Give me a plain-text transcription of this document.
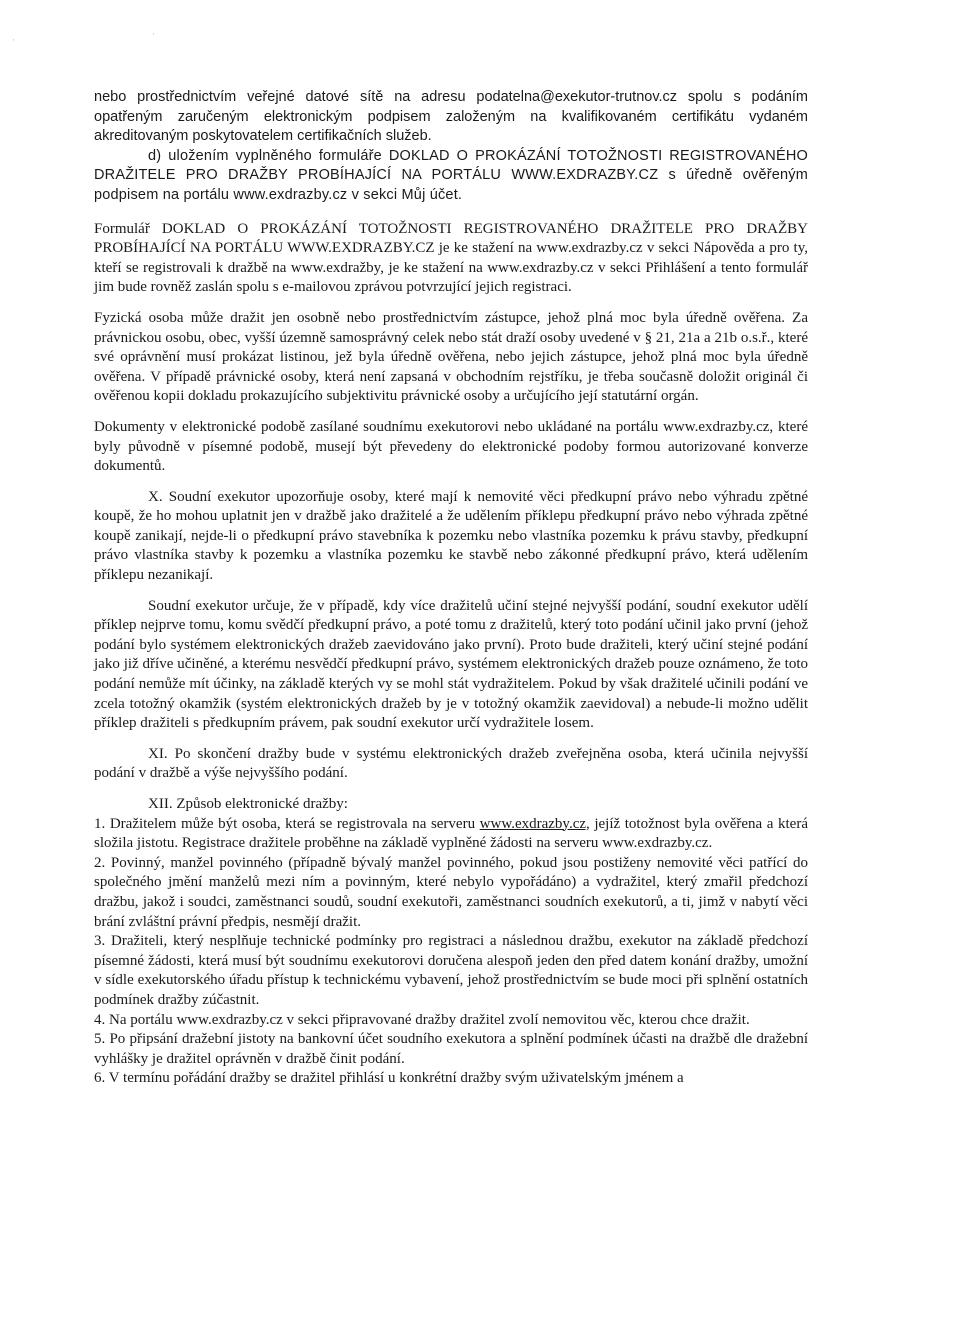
·
·

nebo prostřednictvím veřejné datové sítě na adresu podatelna@exekutor-trutnov.cz spolu s podáním opatřeným zaručeným elektronickým podpisem založeným na kvalifikovaném certifikátu vydaném akreditovaným poskytovatelem certifikačních služeb.

d) uložením vyplněného formuláře DOKLAD O PROKÁZÁNÍ TOTOŽNOSTI REGISTROVANÉHO DRAŽITELE PRO DRAŽBY PROBÍHAJÍCÍ NA PORTÁLU WWW.EXDRAZBY.CZ s úředně ověřeným podpisem na portálu www.exdrazby.cz v sekci Můj účet.

Formulář DOKLAD O PROKÁZÁNÍ TOTOŽNOSTI REGISTROVANÉHO DRAŽITELE PRO DRAŽBY PROBÍHAJÍCÍ NA PORTÁLU WWW.EXDRAZBY.CZ je ke stažení na www.exdrazby.cz v sekci Nápověda a pro ty, kteří se registrovali k dražbě na www.exdražby, je ke stažení na www.exdrazby.cz v sekci Přihlášení a tento formulář jim bude rovněž zaslán spolu s e-mailovou zprávou potvrzující jejich registraci.

Fyzická osoba může dražit jen osobně nebo prostřednictvím zástupce, jehož plná moc byla úředně ověřena. Za právnickou osobu, obec, vyšší územně samosprávný celek nebo stát draží osoby uvedené v § 21, 21a a 21b o.s.ř., které své oprávnění musí prokázat listinou, jež byla úředně ověřena, nebo jejich zástupce, jehož plná moc byla úředně ověřena. V případě právnické osoby, která není zapsaná v obchodním rejstříku, je třeba současně doložit originál či ověřenou kopii dokladu prokazujícího subjektivitu právnické osoby a určujícího její statutární orgán.

Dokumenty v elektronické podobě zasílané soudnímu exekutorovi nebo ukládané na portálu www.exdrazby.cz, které byly původně v písemné podobě, musejí být převedeny do elektronické podoby formou autorizované konverze dokumentů.

X. Soudní exekutor upozorňuje osoby, které mají k nemovité věci předkupní právo nebo výhradu zpětné koupě, že ho mohou uplatnit jen v dražbě jako dražitelé a že udělením příklepu předkupní právo nebo výhrada zpětné koupě zanikají, nejde-li o předkupní právo stavebníka k pozemku nebo vlastníka pozemku k právu stavby, předkupní právo vlastníka stavby k pozemku a vlastníka pozemku ke stavbě nebo zákonné předkupní právo, která udělením příklepu nezanikají.

Soudní exekutor určuje, že v případě, kdy více dražitelů učiní stejné nejvyšší podání, soudní exekutor udělí příklep nejprve tomu, komu svědčí předkupní právo, a poté tomu z dražitelů, který toto podání učinil jako první (jehož podání bylo systémem elektronických dražeb zaevidováno jako první). Proto bude dražiteli, který učiní stejné podání jako již dříve učiněné, a kterému nesvědčí předkupní právo, systémem elektronických dražeb pouze oznámeno, že toto podání nemůže mít účinky, na základě kterých vy se mohl stát vydražitelem. Pokud by však dražitelé učinili podání ve zcela totožný okamžik (systém elektronických dražeb by je v totožný okamžik zaevidoval) a nebude-li možno udělit příklep dražiteli s předkupním právem, pak soudní exekutor určí vydražitele losem.

XI. Po skončení dražby bude v systému elektronických dražeb zveřejněna osoba, která učinila nejvyšší podání v dražbě a výše nejvyššího podání.

XII. Způsob elektronické dražby:

1. Dražitelem může být osoba, která se registrovala na serveru www.exdrazby.cz, jejíž totožnost byla ověřena a která složila jistotu. Registrace dražitele proběhne na základě vyplněné žádosti na serveru www.exdrazby.cz.

2. Povinný, manžel povinného (případně bývalý manžel povinného, pokud jsou postiženy nemovité věci patřící do společného jmění manželů mezi ním a povinným, které nebylo vypořádáno) a vydražitel, který zmařil předchozí dražbu, jakož i soudci, zaměstnanci soudů, soudní exekutoři, zaměstnanci soudních exekutorů, a ti, jimž v nabytí věci brání zvláštní právní předpis, nesmějí dražit.

3. Dražiteli, který nesplňuje technické podmínky pro registraci a následnou dražbu, exekutor na základě předchozí písemné žádosti, která musí být soudnímu exekutorovi doručena alespoň jeden den před datem konání dražby, umožní v sídle exekutorského úřadu přístup k technickému vybavení, jehož prostřednictvím se bude moci při splnění ostatních podmínek dražby zúčastnit.

4. Na portálu www.exdrazby.cz v sekci připravované dražby dražitel zvolí nemovitou věc, kterou chce dražit.

5. Po připsání dražební jistoty na bankovní účet soudního exekutora a splnění podmínek účasti na dražbě dle dražební vyhlášky je dražitel oprávněn v dražbě činit podání.

6. V termínu pořádání dražby se dražitel přihlásí u konkrétní dražby svým uživatelským jménem a
